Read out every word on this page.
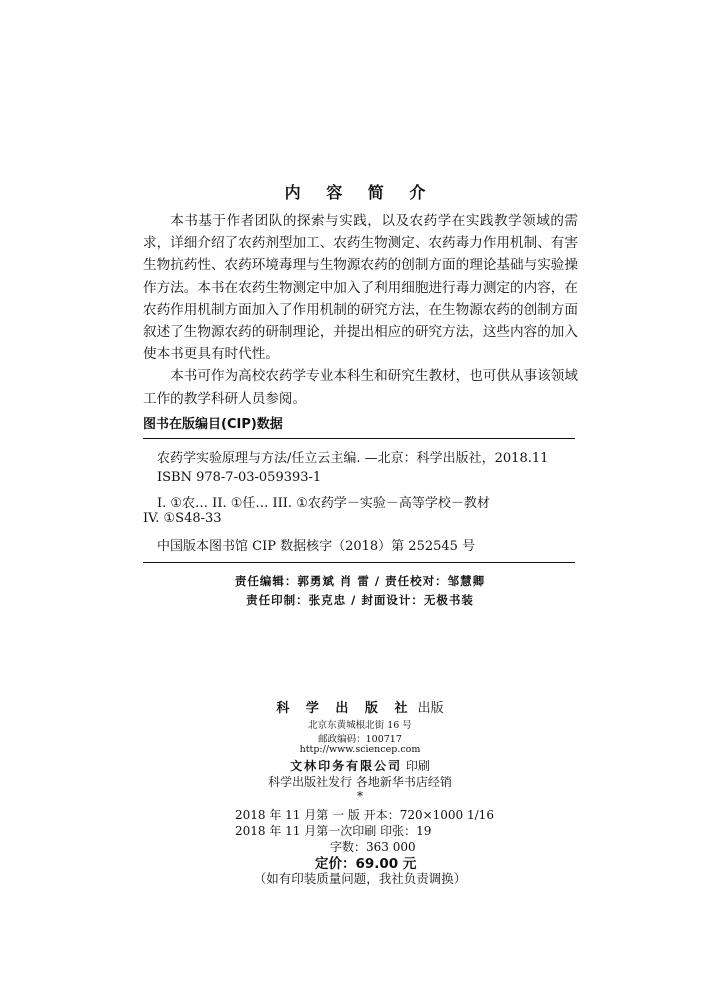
内 容 简 介

本书基于作者团队的探索与实践，以及农药学在实践教学领域的需求，详细介绍了农药剂型加工、农药生物测定、农药毒力作用机制、有害生物抗药性、农药环境毒理与生物源农药的创制方面的理论基础与实验操作方法。本书在农药生物测定中加入了利用细胞进行毒力测定的内容，在农药作用机制方面加入了作用机制的研究方法，在生物源农药的创制方面叙述了生物源农药的研制理论，并提出相应的研究方法，这些内容的加入使本书更具有时代性。

本书可作为高校农药学专业本科生和研究生教材，也可供从事该领域工作的教学科研人员参阅。

图书在版编目(CIP)数据
农药学实验原理与方法/任立云主编. —北京：科学出版社，2018.11
ISBN 978-7-03-059393-1
I. ①农… II. ①任… III. ①农药学－实验－高等学校－教材
IV. ①S48-33
中国版本图书馆 CIP 数据核字（2018）第 252545 号
责任编辑：郭勇斌 肖 雷 / 责任校对：邹慧卿
责任印制：张克忠 / 封面设计：无极书装
科 学 出 版 社 出版
北京东黄城根北街 16 号
邮政编码：100717
http://www.sciencep.com
文林印务有限公司 印刷
科学出版社发行 各地新华书店经销
*
2018 年 11 月第 一 版 开本：720×1000 1/16
2018 年 11 月第一次印刷 印张：19
字数：363 000
定价：69.00 元
（如有印装质量问题，我社负责调换）
